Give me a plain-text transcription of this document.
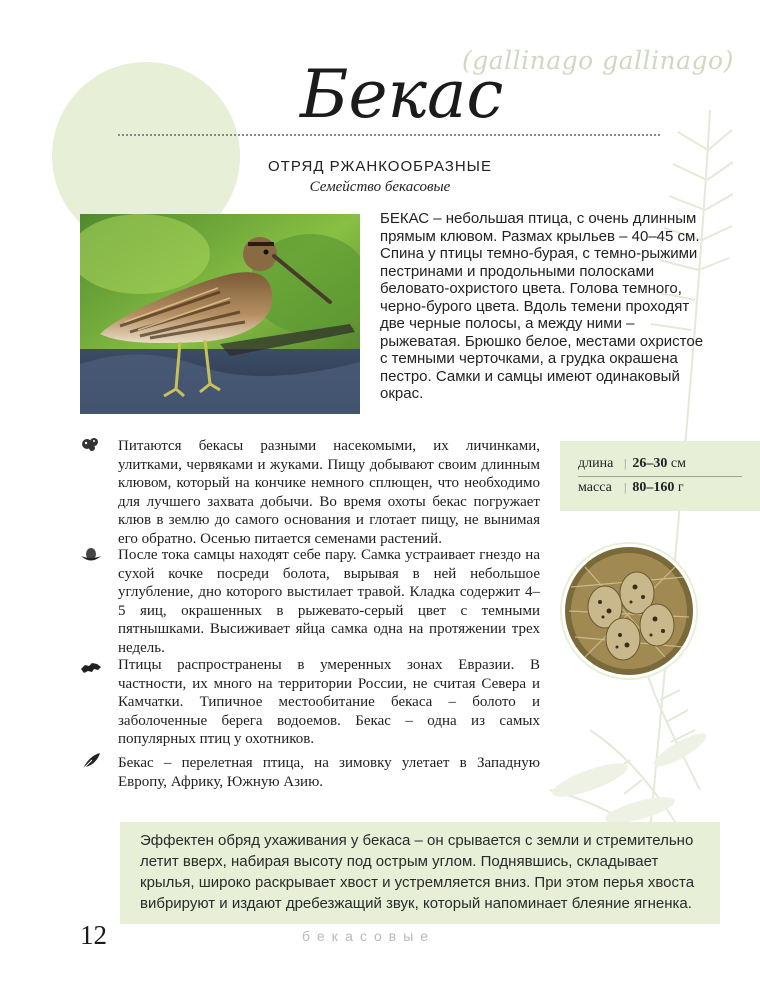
(gallinago gallinago)
Бекас
ОТРЯД РЖАНКООБРАЗНЫЕ
Семейство бекасовые
БЕКАС – небольшая птица, с очень длинным прямым клювом. Размах крыльев – 40–45 см. Спина у птицы темно-бурая, с темно-рыжими пестринами и продольными полосками беловато-охристого цвета. Голова темного, черно-бурого цвета. Вдоль темени проходят две черные полосы, а между ними – рыжеватая. Брюшко белое, местами охристое с темными черточками, а грудка окрашена пестро. Самки и самцы имеют одинаковый окрас.

Питаются бекасы разными насекомыми, их личинками, улитками, червяками и жуками. Пищу добывают своим длинным клювом, который на кончике немного сплющен, что необходимо для лучшего захвата добычи. Во время охоты бекас погружает клюв в землю до самого основания и глотает пищу, не вынимая его обратно. Осенью питается семенами растений.

После тока самцы находят себе пару. Самка устраивает гнездо на сухой кочке посреди болота, вырывая в ней небольшое углубление, дно которого выстилает травой. Кладка содержит 4–5 яиц, окрашенных в рыжевато-серый цвет с темными пятнышками. Высиживает яйца самка одна на протяжении трех недель.

Птицы распространены в умеренных зонах Евразии. В частности, их много на территории России, не считая Севера и Камчатки. Типичное местообитание бекаса – болото и заболоченные берега водоемов. Бекас – одна из самых популярных птиц у охотников.

Бекас – перелетная птица, на зимовку улетает в Западную Европу, Африку, Южную Азию.

длина | 26–30 см
масса | 80–160 г

Эффектен обряд ухаживания у бекаса – он срывается с земли и стремительно летит вверх, набирая высоту под острым углом. Поднявшись, складывает крылья, широко раскрывает хвост и устремляется вниз. При этом перья хвоста вибрируют и издают дребезжащий звук, который напоминает блеяние ягненка.

12	бекасовые
